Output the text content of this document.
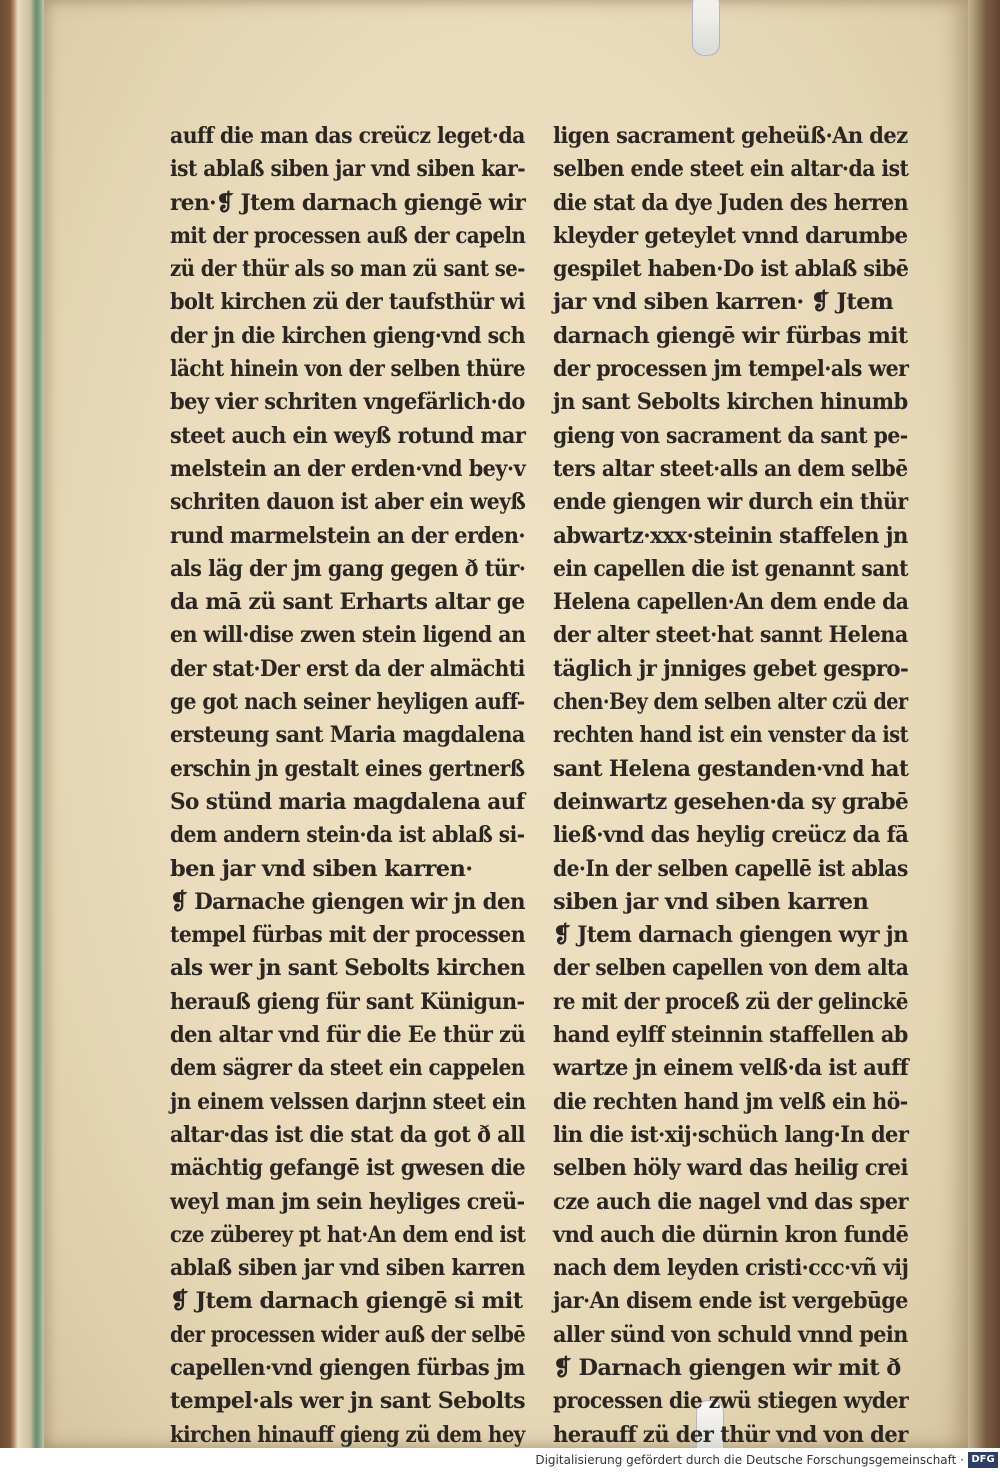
auff die man das creücz leget·da
ist ablaß siben jar vnd siben kar-
ren·❡ Jtem darnach giengē wir
mit der processen auß der capeln
zü der thür als so man zü sant se-
bolt kirchen zü der taufsthür wi
der jn die kirchen gieng·vnd sch
lächt hinein von der selben thüre
bey vier schriten vngefärlich·do
steet auch ein weyß rotund mar
melstein an der erden·vnd bey·v
schriten dauon ist aber ein weyß
rund marmelstein an der erden·
als läg der jm gang gegen ð tür·
da mā zü sant Erharts altar ge
en will·dise zwen stein ligend an
der stat·Der erst da der almächti
ge got nach seiner heyligen auff-
ersteung sant Maria magdalena
erschin jn gestalt eines gertnerß
So stünd maria magdalena auf
dem andern stein·da ist ablaß si-
ben jar vnd siben karren·
❡ Darnache giengen wir jn den
tempel fürbas mit der processen
als wer jn sant Sebolts kirchen
herauß gieng für sant Künigun-
den altar vnd für die Ee thür zü
dem sägrer da steet ein cappelen
jn einem velssen darjnn steet ein
altar·das ist die stat da got ð all
mächtig gefangē ist gwesen die
weyl man jm sein heyliges creü-
cze züberey pt hat·An dem end ist
ablaß siben jar vnd siben karren
❡ Jtem darnach giengē si mit
der processen wider auß der selbē
capellen·vnd giengen fürbas jm
tempel·als wer jn sant Sebolts
kirchen hinauff gieng zü dem hey
ligen sacrament geheüß·An dez
selben ende steet ein altar·da ist
die stat da dye Juden des herren
kleyder geteylet vnnd darumbe
gespilet haben·Do ist ablaß sibē
jar vnd siben karren· ❡ Jtem
darnach giengē wir fürbas mit
der processen jm tempel·als wer
jn sant Sebolts kirchen hinumb
gieng von sacrament da sant pe-
ters altar steet·alls an dem selbē
ende giengen wir durch ein thür
abwartz·xxx·steinin staffelen jn
ein capellen die ist genannt sant
Helena capellen·An dem ende da
der alter steet·hat sannt Helena
täglich jr jnniges gebet gespro-
chen·Bey dem selben alter czü der
rechten hand ist ein venster da ist
sant Helena gestanden·vnd hat
deinwartz gesehen·da sy grabē
ließ·vnd das heylig creücz da fā
de·In der selben capellē ist ablas
siben jar vnd siben karren
❡ Jtem darnach giengen wyr jn
der selben capellen von dem alta
re mit der proceß zü der gelinckē
hand eylff steinnin staffellen ab
wartze jn einem velß·da ist auff
die rechten hand jm velß ein hö-
lin die ist·xij·schüch lang·In der
selben höly ward das heilig crei
cze auch die nagel vnd das sper
vnd auch die dürnin kron fundē
nach dem leyden cristi·ccc·vñ vij
jar·An disem ende ist vergebūge
aller sünd von schuld vnnd pein
❡ Darnach giengen wir mit ð
processen die zwü stiegen wyder
herauff zü der thür vnd von der
Digitalisierung gefördert durch die Deutsche Forschungsgemeinschaft · DFG
